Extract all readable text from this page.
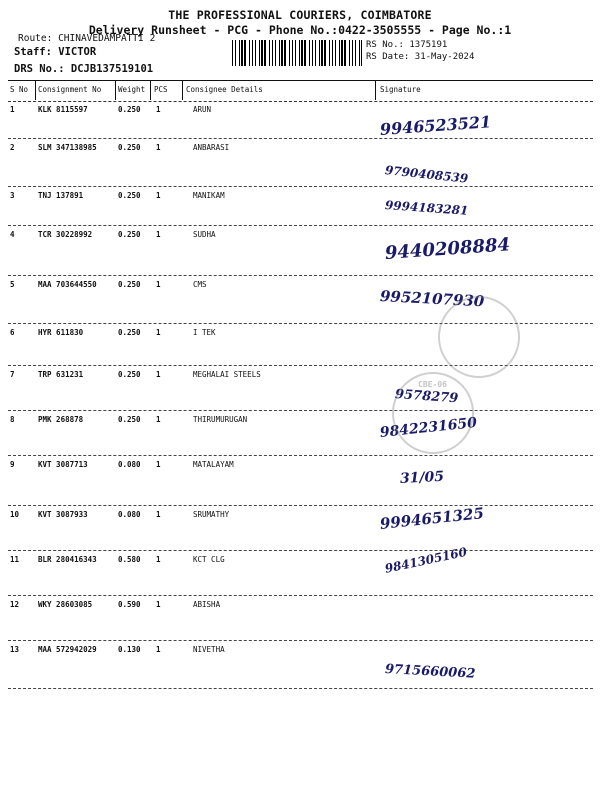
THE PROFESSIONAL COURIERS, COIMBATORE
Delivery Runsheet - PCG - Phone No.:0422-3505555 - Page No.:1
Route: CHINAVEDAMPATTI 2
Staff: VICTOR
DRS No.: DCJB137519101
RS No.: 1375191
RS Date: 31-May-2024
S No Consignment No Weight PCS Consignee Details	Signature
1	KLK 8115597	0.250 1	ARUN
9946523521
2	SLM 347138985	0.250 1	ANBARASI
9790408539
3	TNJ 137891	0.250 1	MANIKAM
9994183281
4	TCR 30228992	0.250 1	SUDHA	9440208884
5	MAA 703644550	0.250 1	CMS
9952107930
6	HYR 611830	0.250 1	I TEK
7	TRP 631231	0.250 1	MEGHALAI STEELS
9578279
8	PMK 268878	0.250 1	THIRUMURUGAN	9842231650
9	KVT 3087713	0.080 1	MATALAYAM
31/05
10	KVT 3087933	0.080 1	SRUMATHY	9994651325
11	BLR 280416343	0.580 1	KCT CLG	9841305160
12	WKY 28603085	0.590 1	ABISHA
13	MAA 572942029	0.130 1	NIVETHA
9715660062
CBE-06
